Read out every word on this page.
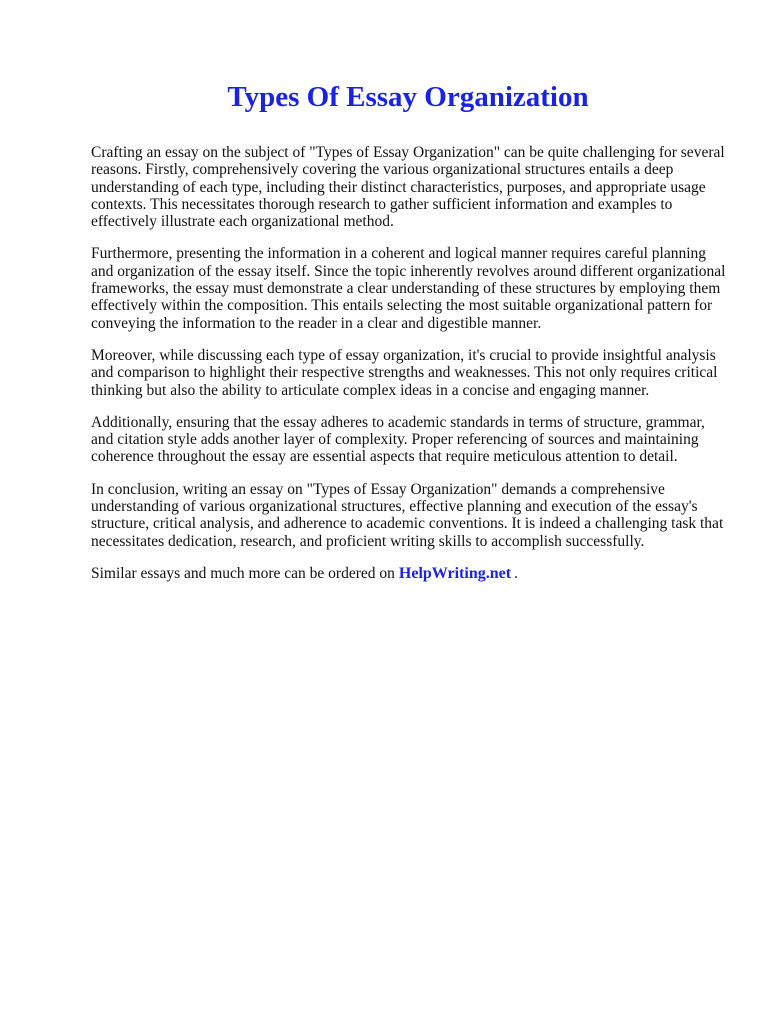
Types Of Essay Organization

Crafting an essay on the subject of "Types of Essay Organization" can be quite challenging for several reasons. Firstly, comprehensively covering the various organizational structures entails a deep understanding of each type, including their distinct characteristics, purposes, and appropriate usage contexts. This necessitates thorough research to gather sufficient information and examples to effectively illustrate each organizational method.

Furthermore, presenting the information in a coherent and logical manner requires careful planning and organization of the essay itself. Since the topic inherently revolves around different organizational frameworks, the essay must demonstrate a clear understanding of these structures by employing them effectively within the composition. This entails selecting the most suitable organizational pattern for conveying the information to the reader in a clear and digestible manner.

Moreover, while discussing each type of essay organization, it's crucial to provide insightful analysis and comparison to highlight their respective strengths and weaknesses. This not only requires critical thinking but also the ability to articulate complex ideas in a concise and engaging manner.

Additionally, ensuring that the essay adheres to academic standards in terms of structure, grammar, and citation style adds another layer of complexity. Proper referencing of sources and maintaining coherence throughout the essay are essential aspects that require meticulous attention to detail.

In conclusion, writing an essay on "Types of Essay Organization" demands a comprehensive understanding of various organizational structures, effective planning and execution of the essay's structure, critical analysis, and adherence to academic conventions. It is indeed a challenging task that necessitates dedication, research, and proficient writing skills to accomplish successfully.

Similar essays and much more can be ordered on HelpWriting.net .
